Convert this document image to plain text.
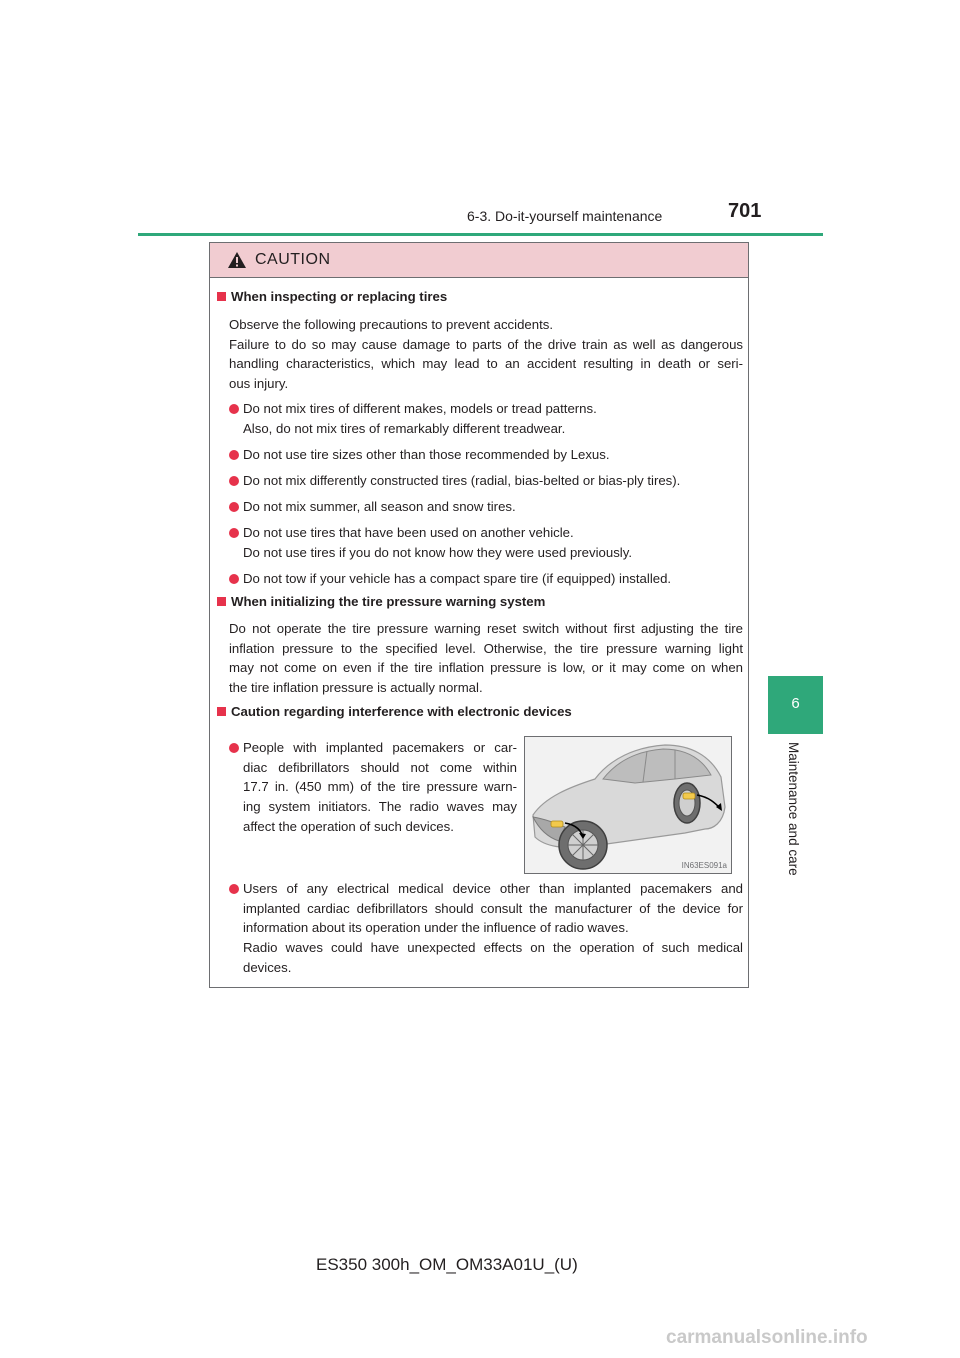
6-3. Do-it-yourself maintenance	701
6
Maintenance and care
CAUTION
When inspecting or replacing tires
Observe the following precautions to prevent accidents.
Failure to do so may cause damage to parts of the drive train as well as dangerous
handling characteristics, which may lead to an accident resulting in death or seri-
ous injury.
Do not mix tires of different makes, models or tread patterns.
Also, do not mix tires of remarkably different treadwear.
Do not use tire sizes other than those recommended by Lexus.
Do not mix differently constructed tires (radial, bias-belted or bias-ply tires).
Do not mix summer, all season and snow tires.
Do not use tires that have been used on another vehicle.
Do not use tires if you do not know how they were used previously.
Do not tow if your vehicle has a compact spare tire (if equipped) installed.
When initializing the tire pressure warning system
Do not operate the tire pressure warning reset switch without first adjusting the tire
inflation pressure to the specified level. Otherwise, the tire pressure warning light
may not come on even if the tire inflation pressure is low, or it may come on when
the tire inflation pressure is actually normal.
Caution regarding interference with electronic devices
People with implanted pacemakers or car-
diac defibrillators should not come within
17.7 in. (450 mm) of the tire pressure warn-
ing system initiators. The radio waves may
affect the operation of such devices.
Users of any electrical medical device other than implanted pacemakers and
implanted cardiac defibrillators should consult the manufacturer of the device for
information about its operation under the influence of radio waves.
Radio waves could have unexpected effects on the operation of such medical
devices.
IN63ES091a
ES350 300h_OM_OM33A01U_(U)
carmanualsonline.info
